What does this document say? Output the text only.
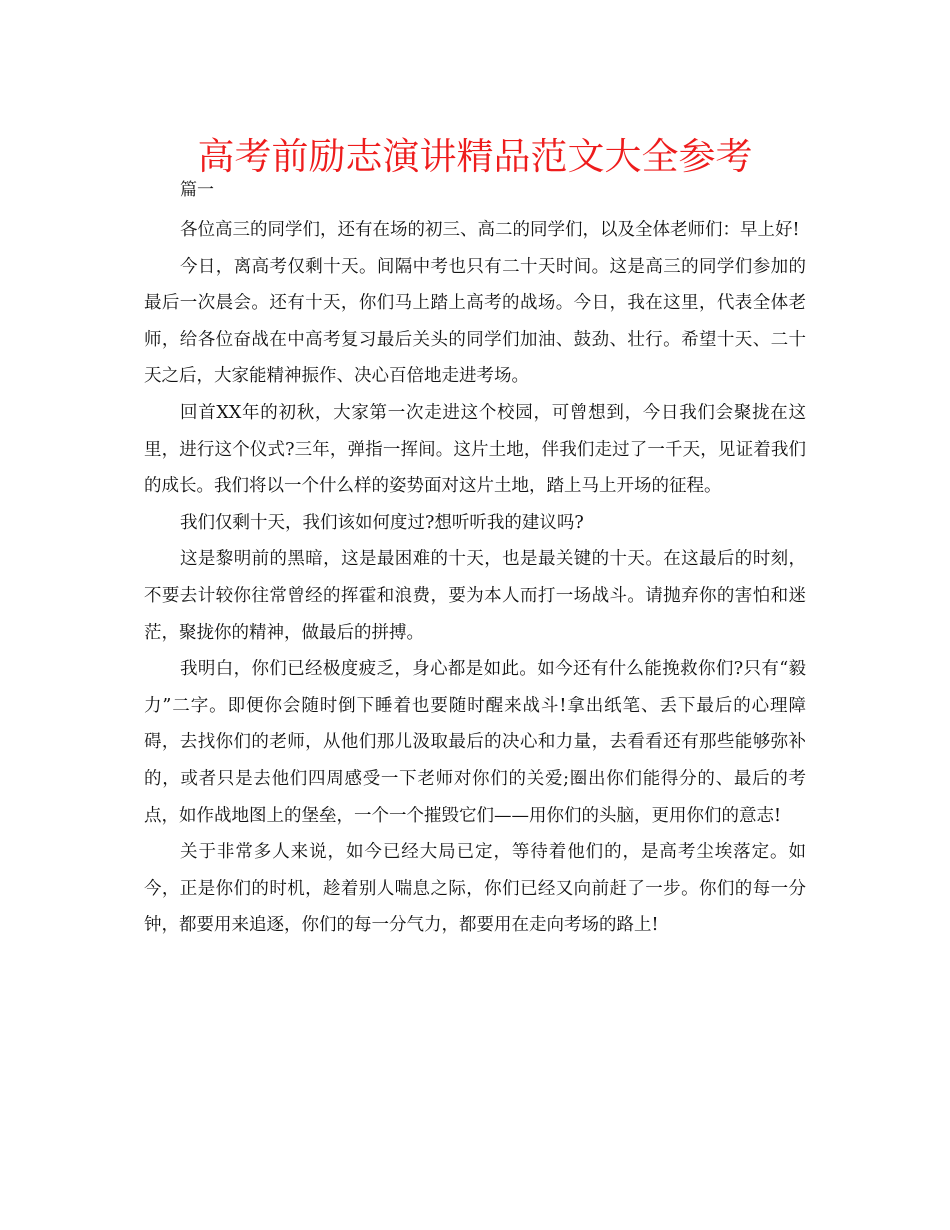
高考前励志演讲精品范文大全参考
篇一

各位高三的同学们，还有在场的初三、高二的同学们，以及全体老师们：早上好!

今日，离高考仅剩十天。间隔中考也只有二十天时间。这是高三的同学们参加的最后一次晨会。还有十天，你们马上踏上高考的战场。今日，我在这里，代表全体老师，给各位奋战在中高考复习最后关头的同学们加油、鼓劲、壮行。希望十天、二十天之后，大家能精神振作、决心百倍地走进考场。

回首XX年的初秋，大家第一次走进这个校园，可曾想到，今日我们会聚拢在这里，进行这个仪式?三年，弹指一挥间。这片土地，伴我们走过了一千天，见证着我们的成长。我们将以一个什么样的姿势面对这片土地，踏上马上开场的征程。

我们仅剩十天，我们该如何度过?想听听我的建议吗?

这是黎明前的黑暗，这是最困难的十天，也是最关键的十天。在这最后的时刻，不要去计较你往常曾经的挥霍和浪费，要为本人而打一场战斗。请抛弃你的害怕和迷茫，聚拢你的精神，做最后的拼搏。

我明白，你们已经极度疲乏，身心都是如此。如今还有什么能挽救你们?只有“毅力”二字。即便你会随时倒下睡着也要随时醒来战斗!拿出纸笔、丢下最后的心理障碍，去找你们的老师，从他们那儿汲取最后的决心和力量，去看看还有那些能够弥补的，或者只是去他们四周感受一下老师对你们的关爱;圈出你们能得分的、最后的考点，如作战地图上的堡垒，一个一个摧毁它们——用你们的头脑，更用你们的意志!

关于非常多人来说，如今已经大局已定，等待着他们的，是高考尘埃落定。如今，正是你们的时机，趁着别人喘息之际，你们已经又向前赶了一步。你们的每一分钟，都要用来追逐，你们的每一分气力，都要用在走向考场的路上!
